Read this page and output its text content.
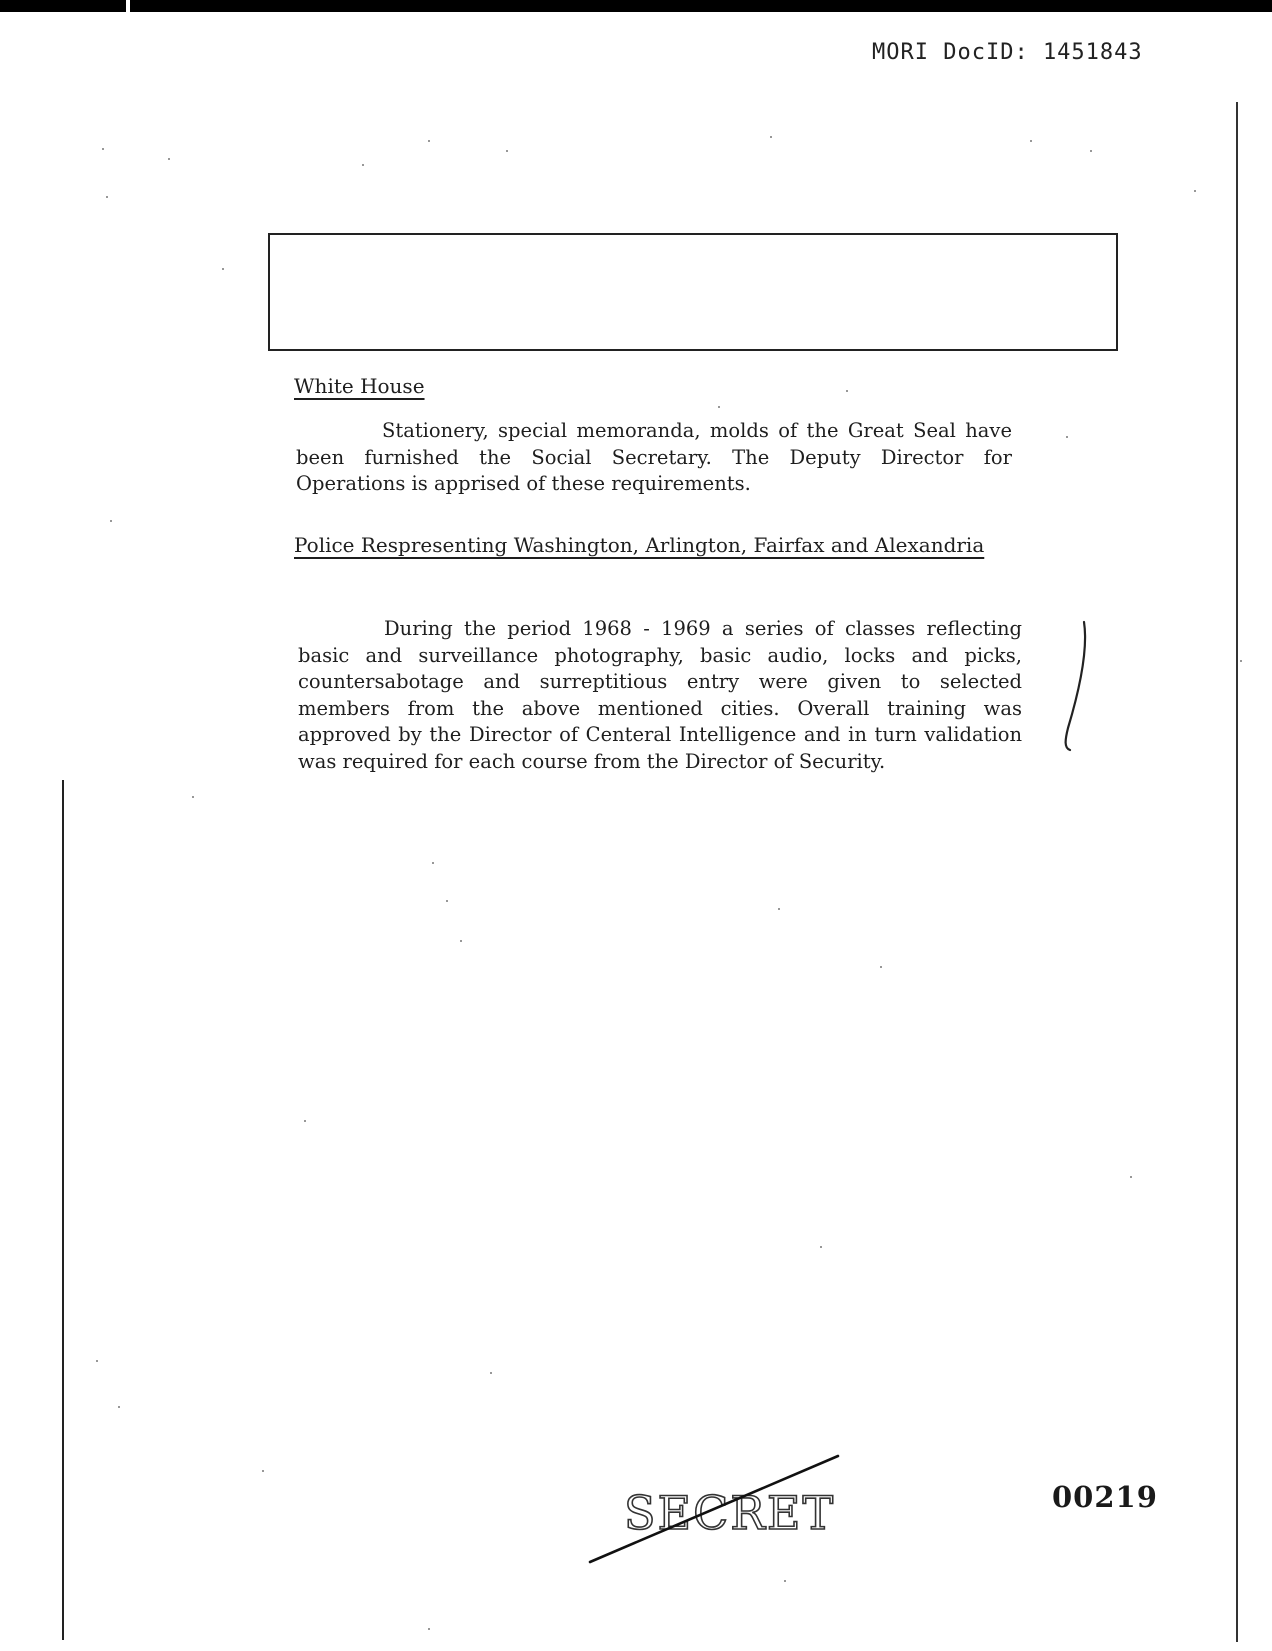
MORI DocID: 1451843
White House
Stationery, special memoranda, molds of the Great Seal have been furnished the Social Secretary. The Deputy Director for Operations is apprised of these requirements.
Police Respresenting Washington, Arlington, Fairfax and Alexandria
During the period 1968 - 1969 a series of classes reflecting basic and surveillance photography, basic audio, locks and picks, countersabotage and surreptitious entry were given to selected members from the above mentioned cities. Overall training was approved by the Director of Centeral Intelligence and in turn validation was required for each course from the Director of Security.
SECRET	00219
